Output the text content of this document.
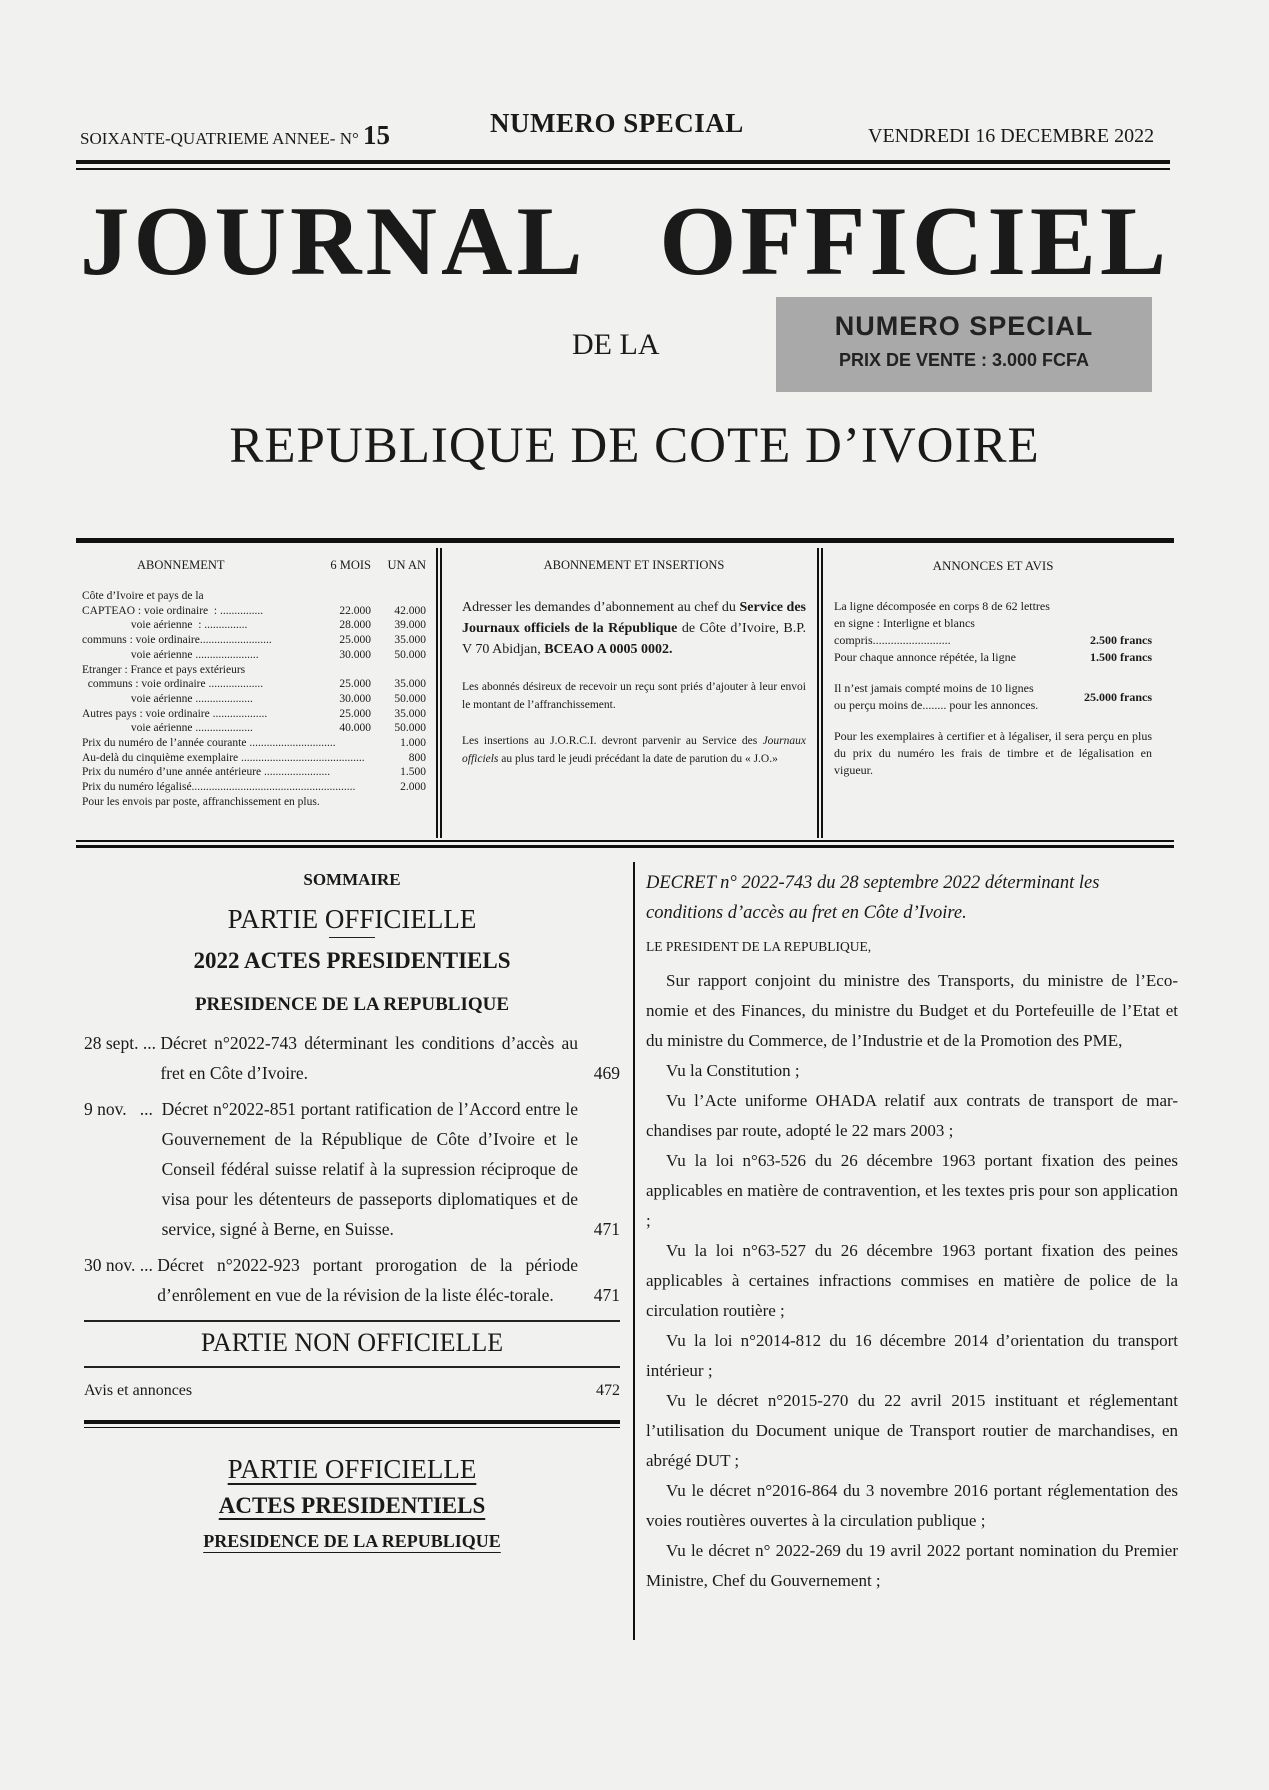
SOIXANTE-QUATRIEME ANNEE- N° 15	NUMERO SPECIAL	VENDREDI 16 DECEMBRE 2022
JOURNAL OFFICIEL
DE LA
NUMERO SPECIAL
PRIX DE VENTE : 3.000 FCFA
REPUBLIQUE DE COTE D’IVOIRE
ABONNEMENT	6 MOIS	UN AN
Côte d’Ivoire et pays de la
CAPTEAO : voie ordinaire  : ...............	22.000	42.000
voie aérienne  : ...............	28.000	39.000
communs : voie ordinaire.........................	25.000	35.000
voie aérienne ......................	30.000	50.000
Etranger : France et pays extérieurs
communs : voie ordinaire ...................	25.000	35.000
voie aérienne ....................	30.000	50.000
Autres pays : voie ordinaire ...................	25.000	35.000
voie aérienne ....................	40.000	50.000
Prix du numéro de l’année courante ..............................	1.000
Au-delà du cinquième exemplaire ...........................................	800
Prix du numéro d’une année antérieure .......................	1.500
Prix du numéro légalisé.........................................................	2.000
Pour les envois par poste, affranchissement en plus.
ABONNEMENT ET INSERTIONS
Adresser les demandes d’abonnement au chef du Service des Journaux officiels de la République de Côte d’Ivoire, B.P. V 70 Abidjan, BCEAO A 0005 0002.
Les abonnés désireux de recevoir un reçu sont priés d’ajouter à leur envoi le montant de l’affranchissement.
Les insertions au J.O.R.C.I. devront parvenir au Service des Journaux officiels au plus tard le jeudi précédant la date de parution du « J.O.»
ANNONCES ET AVIS
La ligne décomposée en corps 8 de 62 lettres en signe : Interligne et blancs compris..........................	2.500 francs
Pour chaque annonce répétée, la ligne	1.500 francs
Il n’est jamais compté moins de 10 lignes ou perçu moins de........ pour les annonces.
25.000 francs
Pour les exemplaires à certifier et à légaliser, il sera perçu en plus du prix du numéro les frais de timbre et de légalisation en vigueur.
SOMMAIRE
PARTIE OFFICIELLE
2022 ACTES PRESIDENTIELS
PRESIDENCE DE LA REPUBLIQUE
28 sept. ... Décret n°2022-743 déterminant les conditions d’accès au fret en Côte d’Ivoire.	469
9 nov.   ... Décret n°2022-851 portant ratification de l’Accord entre le Gouvernement de la République de Côte d’Ivoire et le Conseil fédéral suisse relatif à la supression réciproque de visa pour les détenteurs de passeports diplomatiques et de service, signé à Berne, en Suisse.	471
30 nov. ... Décret n°2022-923 portant prorogation de la période d’enrôlement en vue de la révision de la liste éléc-torale.	471
PARTIE NON OFFICIELLE
Avis et annonces	472
PARTIE OFFICIELLE
ACTES PRESIDENTIELS
PRESIDENCE DE LA REPUBLIQUE
DECRET n° 2022-743 du 28 septembre 2022 déterminant les conditions d’accès au fret en Côte d’Ivoire.
LE PRESIDENT DE LA REPUBLIQUE,

Sur rapport conjoint du ministre des Transports, du ministre de l’Eco-nomie et des Finances, du ministre du Budget et du Portefeuille de l’Etat et du ministre du Commerce, de l’Industrie et de la Promotion des PME,

Vu la Constitution ;

Vu l’Acte uniforme OHADA relatif aux contrats de transport de mar-chandises par route, adopté le 22 mars 2003 ;

Vu la loi n°63-526 du 26 décembre 1963 portant fixation des peines applicables en matière de contravention, et les textes pris pour son application ;

Vu la loi n°63-527 du 26 décembre 1963 portant fixation des peines applicables à certaines infractions commises en matière de police de la circulation routière ;

Vu la loi n°2014-812 du 16 décembre 2014 d’orientation du transport intérieur ;

Vu le décret n°2015-270 du 22 avril 2015 instituant et réglementant l’utilisation du Document unique de Transport routier de marchandises, en abrégé DUT ;

Vu le décret n°2016-864 du 3 novembre 2016 portant réglementation des voies routières ouvertes à la circulation publique ;

Vu le décret n° 2022-269 du 19 avril 2022 portant nomination du Premier Ministre, Chef du Gouvernement ;
